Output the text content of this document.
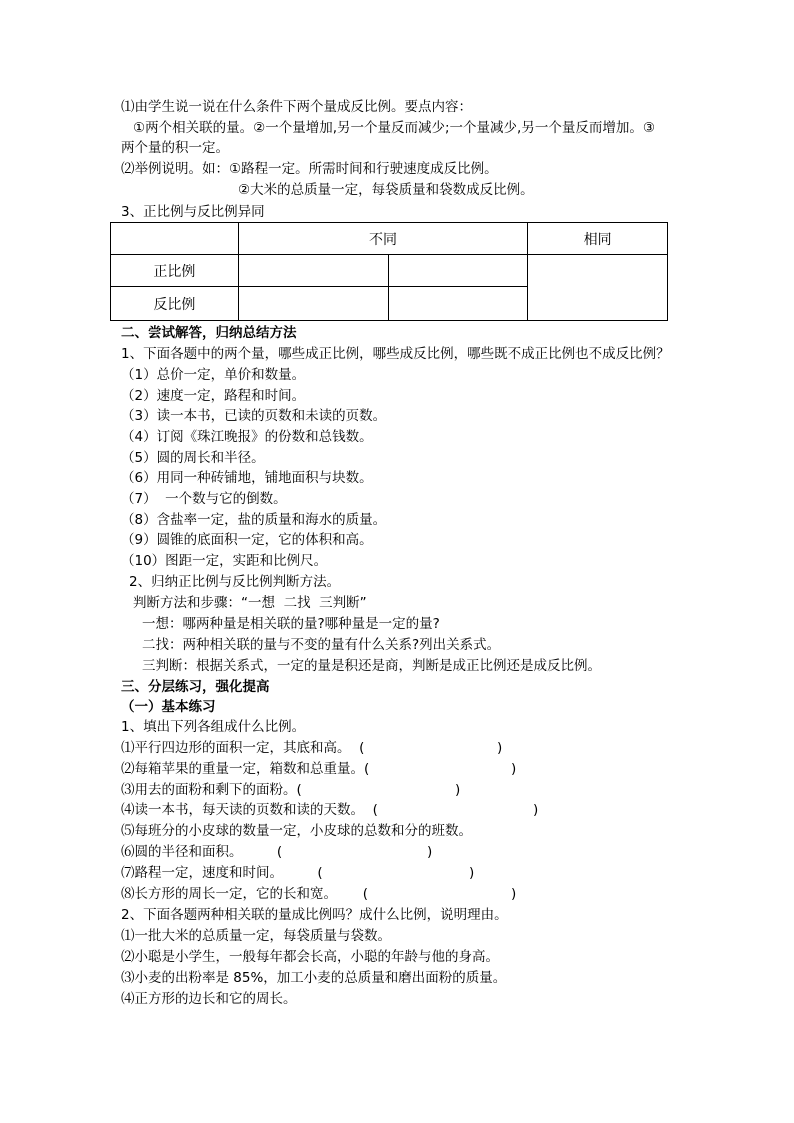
⑴由学生说一说在什么条件下两个量成反比例。要点内容：
①两个相关联的量。②一个量增加,另一个量反而减少;一个量减少,另一个量反而增加。③
两个量的积一定。
⑵举例说明。如：①路程一定。所需时间和行驶速度成反比例。
②大米的总质量一定，每袋质量和袋数成反比例。
3、正比例与反比例异同
	不同		相同
正比例			
反比例			
二、尝试解答，归纳总结方法
1、下面各题中的两个量，哪些成正比例，哪些成反比例，哪些既不成正比例也不成反比例？
（1）总价一定，单价和数量。
（2）速度一定，路程和时间。
（3）读一本书，已读的页数和未读的页数。
（4）订阅《珠江晚报》的份数和总钱数。
（5）圆的周长和半径。
（6）用同一种砖铺地，铺地面积与块数。
（7）  一个数与它的倒数。
（8）含盐率一定，盐的质量和海水的质量。
（9）圆锥的底面积一定，它的体积和高。
（10）图距一定，实距和比例尺。
2、归纳正比例与反比例判断方法。
判断方法和步骤：“一想  二找  三判断”
一想：哪两种量是相关联的量?哪种量是一定的量?
二找：两种相关联的量与不变的量有什么关系?列出关系式。
三判断：根据关系式，一定的量是积还是商，判断是成正比例还是成反比例。
三、分层练习，强化提高
（一）基本练习
1、填出下列各组成什么比例。
⑴平行四边形的面积一定，其底和高。  (	)
⑵每箱苹果的重量一定，箱数和总重量。(	)
⑶用去的面粉和剩下的面粉。(	)
⑷读一本书，每天读的页数和读的天数。  (	)
⑸每班分的小皮球的数量一定，小皮球的总数和分的班数。
⑹圆的半径和面积。        (	)
⑺路程一定，速度和时间。        (	)
⑻长方形的周长一定，它的长和宽。      (	)
2、下面各题两种相关联的量成比例吗？成什么比例，说明理由。
⑴一批大米的总质量一定，每袋质量与袋数。
⑵小聪是小学生，一般每年都会长高，小聪的年龄与他的身高。
⑶小麦的出粉率是 85%，加工小麦的总质量和磨出面粉的质量。
⑷正方形的边长和它的周长。
